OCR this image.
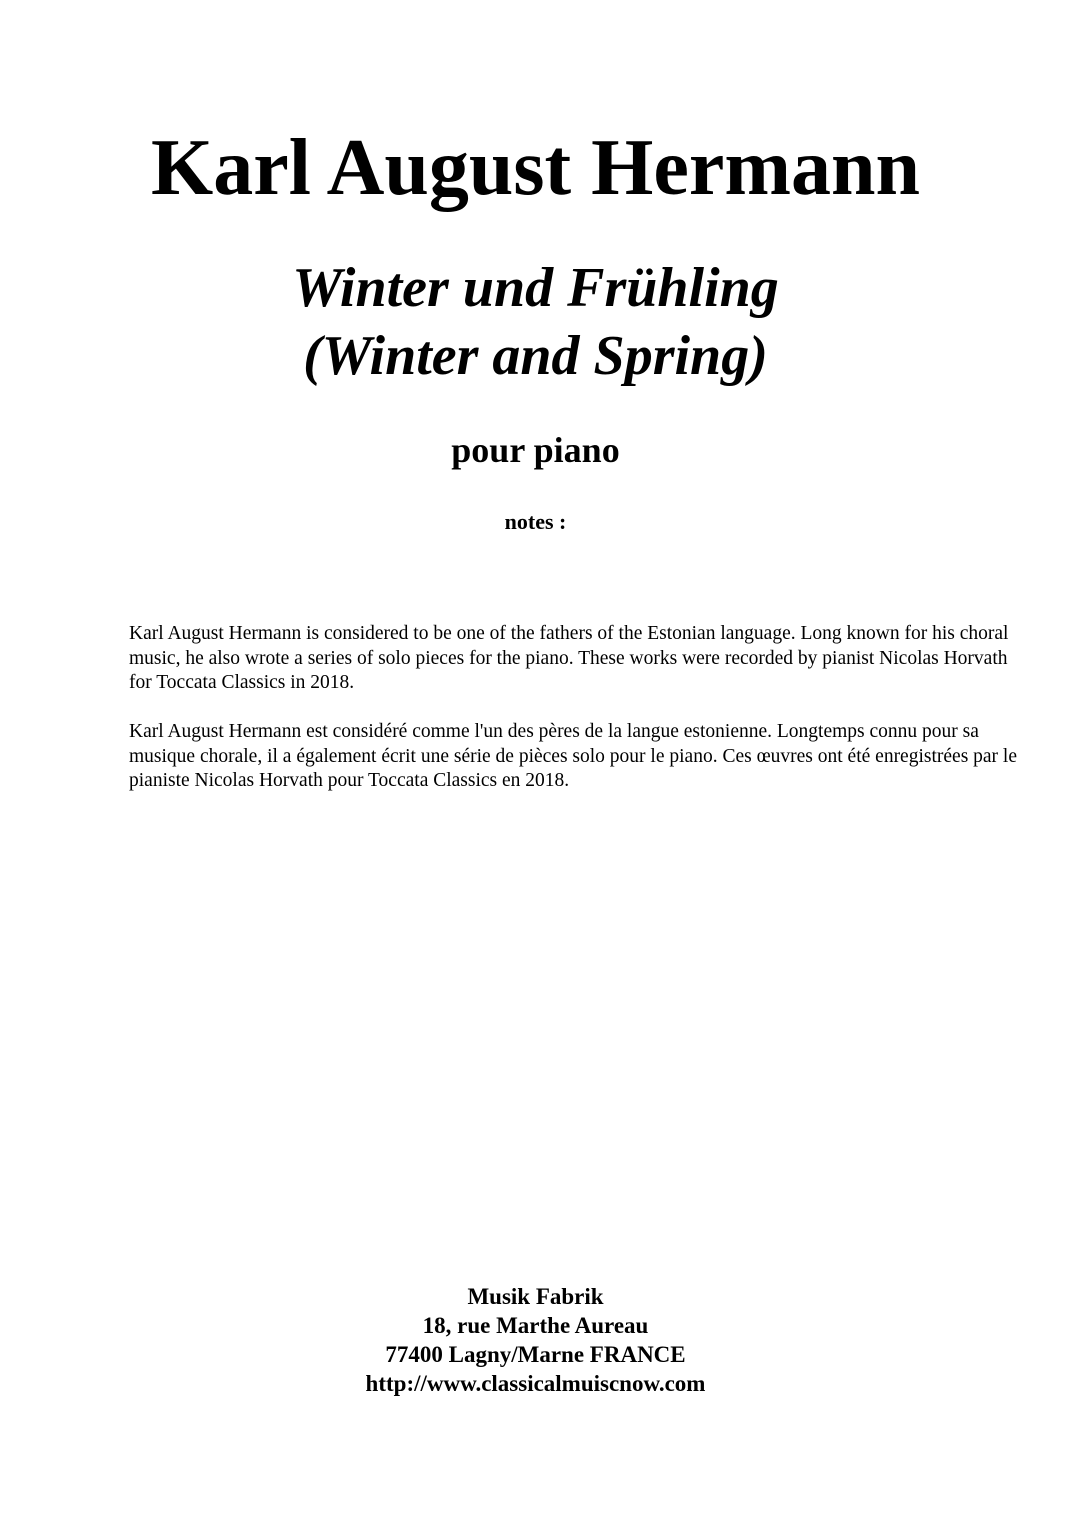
Karl August Hermann
Winter und Frühling
(Winter and Spring)
pour piano
notes :

Karl August Hermann is considered to be one of the fathers of the Estonian language. Long known for his choral music, he also wrote a series of solo pieces for the piano. These works were recorded by pianist Nicolas Horvath for Toccata Classics in 2018.

Karl August Hermann est considéré comme l'un des pères de la langue estonienne. Longtemps connu pour sa musique chorale, il a également écrit une série de pièces solo pour le piano. Ces œuvres ont été enregistrées par le pianiste Nicolas Horvath pour Toccata Classics en 2018.

Musik Fabrik
18, rue Marthe Aureau
77400 Lagny/Marne FRANCE
http://www.classicalmuiscnow.com
